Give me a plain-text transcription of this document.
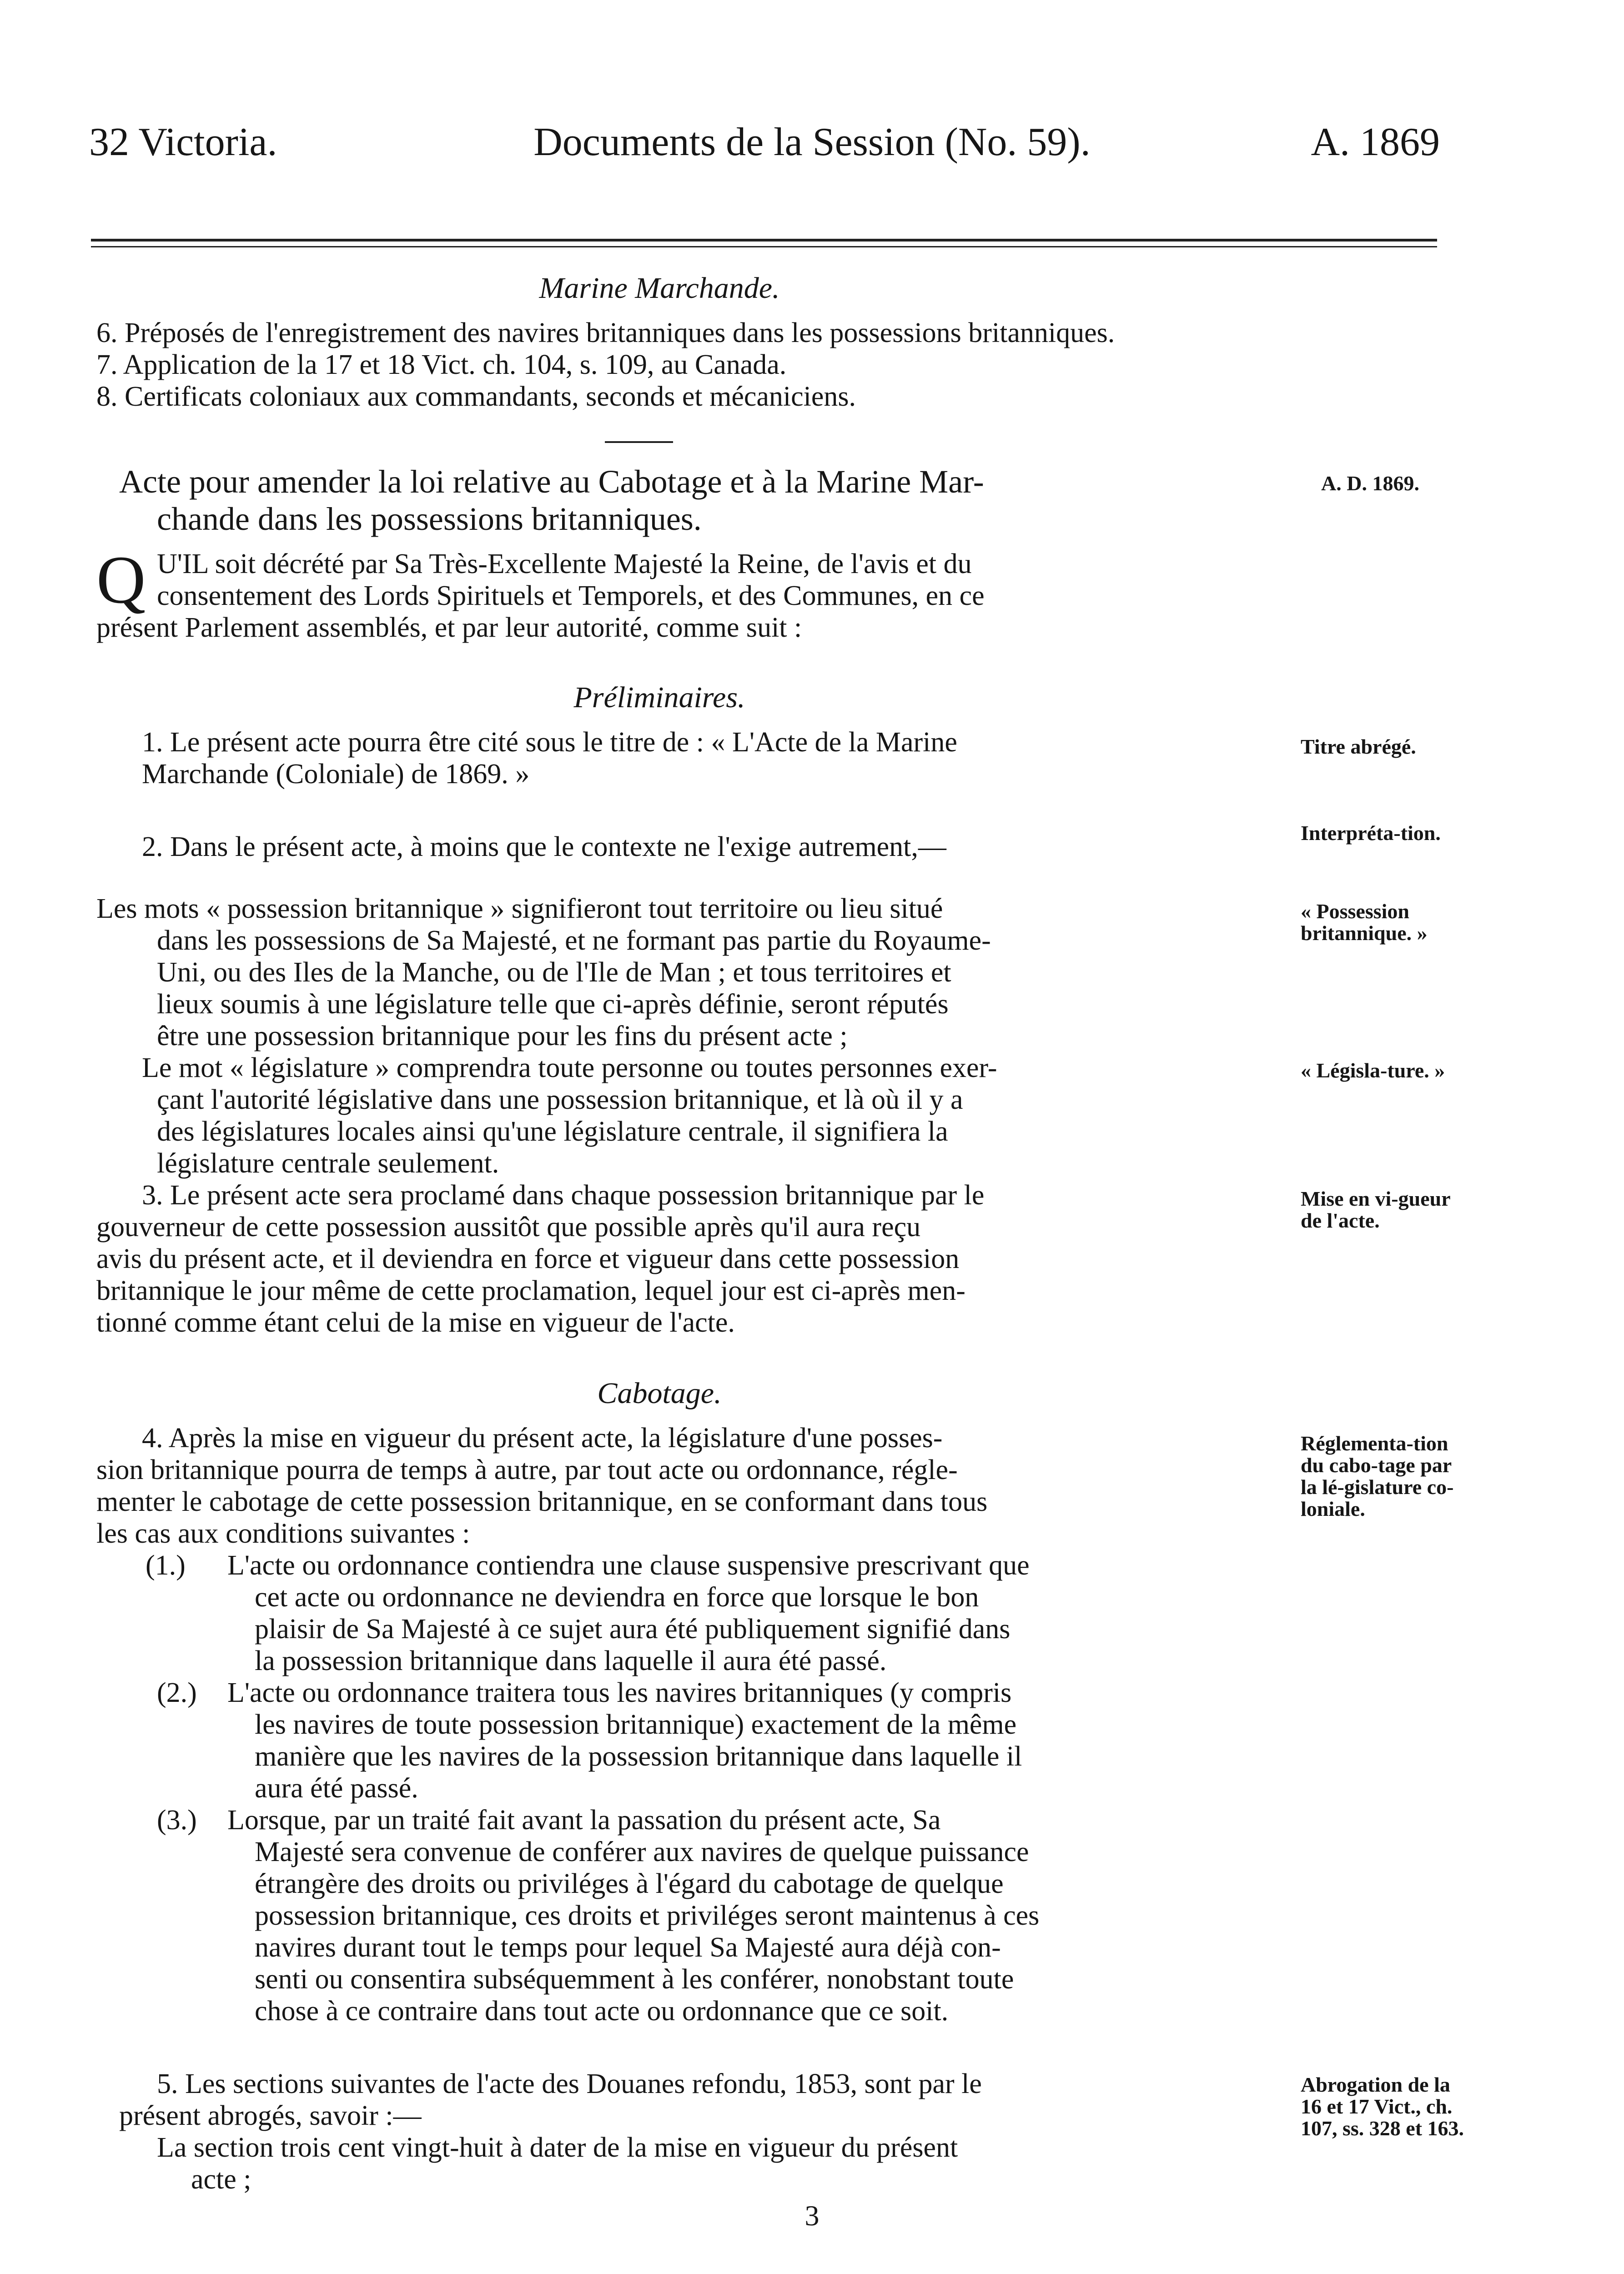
32 Victoria.	Documents de la Session (No. 59).	A. 1869
Marine Marchande.
6. Préposés de l'enregistrement des navires britanniques dans les possessions britanniques.
7. Application de la 17 et 18 Vict. ch. 104, s. 109, au Canada.
8. Certificats coloniaux aux commandants, seconds et mécaniciens.
Acte pour amender la loi relative au Cabotage et à la Marine Mar-
chande dans les possessions britanniques.
A. D. 1869.
Q U'IL soit décrété par Sa Très-Excellente Majesté la Reine, de l'avis et du
consentement des Lords Spirituels et Temporels, et des Communes, en ce
présent Parlement assemblés, et par leur autorité, comme suit :
Préliminaires.
1. Le présent acte pourra être cité sous le titre de : « L'Acte de la Marine
Marchande (Coloniale) de 1869. »
Titre abrégé.
2. Dans le présent acte, à moins que le contexte ne l'exige autrement,—	Interpréta-tion.
Les mots « possession britannique » signifieront tout territoire ou lieu situé
dans les possessions de Sa Majesté, et ne formant pas partie du Royaume-
Uni, ou des Iles de la Manche, ou de l'Ile de Man ; et tous territoires et
lieux soumis à une législature telle que ci-après définie, seront réputés
être une possession britannique pour les fins du présent acte ;
« Possession britannique. »
Le mot « législature » comprendra toute personne ou toutes personnes exer-
çant l'autorité législative dans une possession britannique, et là où il y a
des législatures locales ainsi qu'une législature centrale, il signifiera la
législature centrale seulement.
« Législa-ture. »
3. Le présent acte sera proclamé dans chaque possession britannique par le
gouverneur de cette possession aussitôt que possible après qu'il aura reçu
avis du présent acte, et il deviendra en force et vigueur dans cette possession
britannique le jour même de cette proclamation, lequel jour est ci-après men-
tionné comme étant celui de la mise en vigueur de l'acte.
Mise en vi-gueur de l'acte.
Cabotage.
4. Après la mise en vigueur du présent acte, la législature d'une posses-
sion britannique pourra de temps à autre, par tout acte ou ordonnance, régle-
menter le cabotage de cette possession britannique, en se conformant dans tous
les cas aux conditions suivantes :
Réglementa-tion du cabo-tage par la lé-gislature co-loniale.
(1.) L'acte ou ordonnance contiendra une clause suspensive prescrivant que
cet acte ou ordonnance ne deviendra en force que lorsque le bon
plaisir de Sa Majesté à ce sujet aura été publiquement signifié dans
la possession britannique dans laquelle il aura été passé.
(2.) L'acte ou ordonnance traitera tous les navires britanniques (y compris
les navires de toute possession britannique) exactement de la même
manière que les navires de la possession britannique dans laquelle il
aura été passé.
(3.) Lorsque, par un traité fait avant la passation du présent acte, Sa
Majesté sera convenue de conférer aux navires de quelque puissance
étrangère des droits ou priviléges à l'égard du cabotage de quelque
possession britannique, ces droits et priviléges seront maintenus à ces
navires durant tout le temps pour lequel Sa Majesté aura déjà con-
senti ou consentira subséquemment à les conférer, nonobstant toute
chose à ce contraire dans tout acte ou ordonnance que ce soit.
5. Les sections suivantes de l'acte des Douanes refondu, 1853, sont par le
présent abrogés, savoir :—
La section trois cent vingt-huit à dater de la mise en vigueur du présent
acte ;
Abrogation de la 16 et 17 Vict., ch. 107, ss. 328 et 163.
3
